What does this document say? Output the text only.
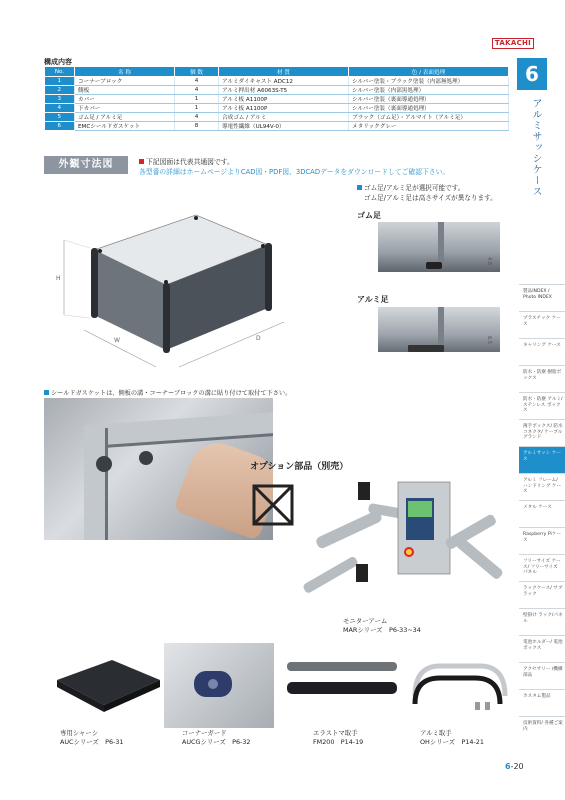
TAKACHI
構成内容
No.	名 称	個 数	材 質	色 / 表面処理
1	コーナーブロック	4	アルミダイキャスト ADC12	シルバー塗装・ブラック塗装（内部無処理）
2	側板	4	アルミ押出材 A6063S-T5	シルバー塗装（内部黒処理）
3	カバー	1	アルミ板 A1100P	シルバー塗装（裏面導通処理）
4	下カバー	1	アルミ板 A1100P	シルバー塗装（裏面導通処理）
5	ゴム足 / アルミ足	4	合成ゴム / アルミ	ブラック（ゴム足）・アルマイト（アルミ足）
6	EMCシールドガスケット	8	導電性繊維（UL94V-0）	メタリックグレー
6
アルミサッシケース
製品INDEX / Photo INDEX
プラスチック ケース
キャリング ケース
防水・防塵 樹脂ボックス
防水・防塵 アルミ/ ステンレス ボックス
薄手ボックス/ 防水コネクタ/ ケーブル グランド
アルミサッシ ケース
アルミ フレーム/ ハンドリング ケース
メタル ケース
Raspberry Piケース
フリーサイズ ケース/ フリーサイズ パネル
ラックケース/ サブラック
壁掛け ラック/パネル
電池ホルダー/ 電池ボックス
アクセサリー /機構部品
カスタム製品
技術資料/ 各種ご案内
外観寸法図	下記図面は代表共通図です。
各型番の詳細はホームページよりCAD図・PDF図、3DCADデータをダウンロードしてご確認下さい。
H
W	D
ゴム足/アルミ足が選択可能です。
ゴム足/アルミ足は高さサイズが異なります。
ゴム足
4.8
アルミ足
6.5
シールドガスケットは、側板の溝・コーナーブロックの溝に貼り付けて取付て下さい。
オプション部品（別売）
モニターアーム
MARシリーズ　P6-33~34
専用シャーシ
AUCシリーズ　P6-31
コーナーガード
AUCGシリーズ　P6-32
エラストマ取手
FM200　P14-19
アルミ取手
OHシリーズ　P14-21
6-20
